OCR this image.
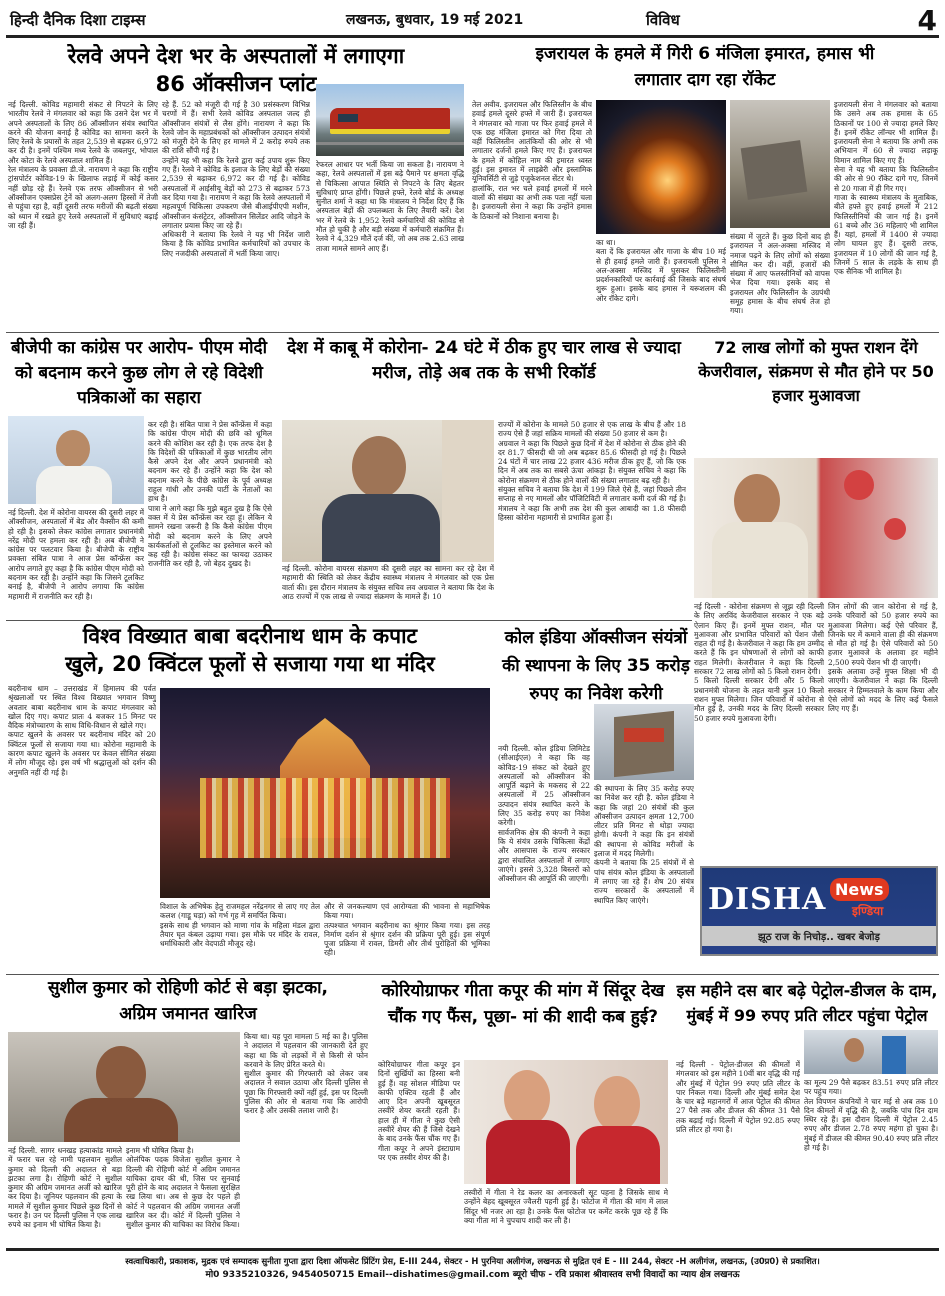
हिन्दी दैनिक दिशा टाइम्स	लखनऊ, बुधवार, 19 मई 2021	विविध	4
रेलवे अपने देश भर के अस्पतालों में लगाएगा
86 ऑक्सीजन प्लांट
नई दिल्ली. कोविड महामारी संकट से निपटने के लिए भारतीय रेलवे ने मंगलवार को कहा कि उसने देश भर में अपने अस्पतालों के लिए 86 ऑक्सीजन संयंत्र स्थापित करने की योजना बनाई है कोविड का सामना करने के लिए रेलवे के प्रयासों के तहत 2,539 से बढ़कर 6,972 कर दी है। इनमें पश्चिम मध्य रेलवे के जबलपुर, भोपाल और कोटा के रेलवे अस्पताल शामिल हैं।
रेल मंत्रालय के प्रवक्ता डी.जे. नारायण ने कहा कि राष्ट्रीय ट्रांसपोर्टर कोविड-19 के खिलाफ लड़ाई में कोई कसर नहीं छोड़ रहे हैं। रेलवे एक तरफ ऑक्सीजन से भरी ऑक्सीजन एक्सप्रेस ट्रेनें को अलग-अलग हिस्सों में तेजी से पहुंचा रहा है, वहीं दूसरी तरफ मरीजों की बढ़ती संख्या को ध्यान में रखते हुए रेलवे अस्पतालों में सुविधाएं बढ़ाई जा रही हैं।
रहे हैं. 52 को मंजूरी दी गई है 30 प्रसंस्करण विभिन्न चरणों में हैं। सभी रेलवे कोविड अस्पताल जल्द ही ऑक्सीजन संयंत्रों से लैस होंगे। नारायण ने कहा कि रेलवे जोन के महाप्रबंधकों को ऑक्सीजन उत्पादन संयंत्रों को मंजूरी देने के लिए हर मामले में 2 करोड़ रुपये तक की राशि सौंपी गई है।
उन्होंने यह भी कहा कि रेलवे द्वारा कई उपाय शुरू किए गए हैं। रेलवे ने कोविड के इलाज के लिए बेड़ों की संख्या 2,539 से बढ़ाकर 6,972 कर दी गई है। कोविड अस्पतालों में आईसीयू बेड़ों को 273 से बढ़ाकर 573 कर दिया गया है। नारायण ने कहा कि रेलवे अस्पतालों में महत्वपूर्ण चिकित्सा उपकरण जैसे बीआईपीएपी मशीन, ऑक्सीजन कंसंट्रेटर, ऑक्सीजन सिलेंडर आदि जोड़ने के लगातार प्रयास किए जा रहे हैं।
अधिकारी ने बताया कि रेलवे ने यह भी निर्देश जारी किया है कि कोविड प्रभावित कर्मचारियों को उपचार के लिए नजदीकी अस्पतालों में भर्ती किया जाए।
रेफरल आधार पर भर्ती किया जा सकता है। नारायण ने कहा, रेलवे अस्पतालों में इस बढ़े पैमाने पर क्षमता वृद्धि से चिकित्सा आपात स्थिति से निपटने के लिए बेहतर सुविधाएं प्राप्त होंगी। पिछले हफ्ते, रेलवे बोर्ड के अध्यक्ष सुनीत शर्मा ने कहा था कि मंत्रालय ने निर्देश दिए हैं कि अस्पताल बेड़ों की उपलब्धता के लिए तैयारी करें। देश भर में रेलवे के 1,952 रेलवे कर्मचारियों की कोविड से मौत हो चुकी है और बड़ी संख्या में कर्मचारी संक्रमित हैं। रेलवे ने 4,329 मौतें दर्ज कीं, जो अब तक 2.63 लाख ताजा मामले सामने आए हैं।
इजरायल के हमले में गिरी 6 मंजिला इमारत, हमास भी
लगातार दाग रहा रॉकेट
तेल अवीव. इजरायल और फिलिस्तीन के बीच हवाई हमले दूसरे हफ्ते में जारी हैं। इजरायल ने मंगलवार को गाजा पर फिर हवाई हमले में एक छह मंजिला इमारत को गिरा दिया तो वहीं फिलिस्तीन आतंकियों की ओर से भी लगातार दर्जनों हमले किए गए हैं। इजरायल के हमले में कोहिल नाम की इमारत ध्वस्त हुई। इस इमारत में लाइब्रेरी और इस्लामिक यूनिवर्सिटी से जुड़े एजुकेशनल सेंटर थे।
हालांकि, रात भर चले हवाई हमलों में मरने वालों की संख्या का अभी तक पता नहीं चला है। इजरायली सेना ने कहा कि उन्होंने हमास के ठिकानों को निशाना बनाया है।
का था।
बता दें कि इजरायल और गाजा के बीच 10 मई से ही हवाई हमले जारी हैं। इजरायली पुलिस ने अल-अक्सा मस्जिद में घुसकर फिलिस्तीनी प्रदर्शनकारियों पर कार्रवाई की जिसके बाद संघर्ष शुरू हुआ। इसके बाद हमास ने यरूशलम की ओर रॉकेट दागे।
संख्या में जुटते हैं। कुछ दिनों बाद ही इजरायल ने अल-अक्सा मस्जिद में नमाज पढ़ने के लिए लोगों को संख्या सीमित कर दी। वहीं, हजारों की संख्या में आए फलस्तीनियों को वापस भेज दिया गया। इसके बाद से इजरायल और फिलिस्तीन के उग्रपंथी समूह हमास के बीच संघर्ष तेज हो गया।
इजरायली सेना ने मंगलवार को बताया कि उसने अब तक हमास के 65 ठिकानों पर 100 से ज्यादा हमले किए हैं। इनमें रॉकेट लॉन्चर भी शामिल हैं। इजरायली सेना ने बताया कि अभी तक अभियान में 60 से ज्यादा लड़ाकू विमान शामिल किए गए हैं।
सेना ने यह भी बताया कि फिलिस्तीन की ओर से 90 रॉकेट दागे गए, जिनमें से 20 गाजा में ही गिर गए।
गाजा के स्वास्थ्य मंत्रालय के मुताबिक, बीते हफ्ते हुए हवाई हमलों में 212 फिलिस्तीनियों की जान गई है। इनमें 61 बच्चे और 36 महिलाएं भी शामिल हैं। यहां, हमलों में 1400 से ज्यादा लोग घायल हुए हैं। दूसरी तरफ, इजरायल में 10 लोगों की जान गई है, जिनमें 5 साल के लड़के के साथ ही एक सैनिक भी शामिल है।
बीजेपी का कांग्रेस पर आरोप- पीएम मोदी को बदनाम करने कुछ लोग ले रहे विदेशी पत्रिकाओं का सहारा
नई दिल्ली. देश में कोरोना वायरस की दूसरी लहर में ऑक्सीजन, अस्पतालों में बेड और वैक्सीन की कमी हो रही है। इसको लेकर कांग्रेस लगातार प्रधानमंत्री नरेंद्र मोदी पर हमला कर रही है। अब बीजेपी ने कांग्रेस पर पलटवार किया है। बीजेपी के राष्ट्रीय प्रवक्ता संबित पात्रा ने आज प्रेस कॉन्फ्रेंस कर आरोप लगाते हुए कहा है कि कांग्रेस पीएम मोदी को बदनाम कर रही है। उन्होंने कहा कि जिसने टूलकिट बनाई है, बीजेपी ने आरोप लगाया कि कांग्रेस महामारी में राजनीति कर रही है।
कर रही है। संबित पात्रा ने प्रेस कॉन्फ्रेंस में कहा कि कांग्रेस पीएम मोदी की छवि को धूमिल करने की कोशिश कर रही है। एक तरफ देश है कि विदेशों की पत्रिकाओं में कुछ भारतीय लोग कैसे अपने देश और अपने प्रधानमंत्री को बदनाम कर रहे हैं। उन्होंने कहा कि देश को बदनाम करने के पीछे कांग्रेस के पूर्व अध्यक्ष राहुल गांधी और उनकी पार्टी के नेताओं का हाथ है।
पात्रा ने आगे कहा कि मुझे बहुत दुख है कि ऐसे वक्त में ये प्रेस कॉन्फ्रेंस कर रहा हूं। लेकिन ये सामने रखना जरूरी है कि कैसे कांग्रेस पीएम मोदी को बदनाम करने के लिए अपने कार्यकर्ताओं से टूलकिट का इस्तेमाल करने को कह रही है। कांग्रेस संकट का फायदा उठाकर राजनीति कर रही है, जो बेहद दुखद है।
देश में काबू में कोरोना- 24 घंटे में ठीक हुए चार लाख से ज्यादा मरीज, तोड़े अब तक के सभी रिकॉर्ड
नई दिल्ली. कोरोना वायरस संक्रमण की दूसरी लहर का सामना कर रहे देश में महामारी की स्थिति को लेकर केंद्रीय स्वास्थ्य मंत्रालय ने मंगलवार को एक प्रेस वार्ता की। इस दौरान मंत्रालय के संयुक्त सचिव लव अग्रवाल ने बताया कि देश के आठ राज्यों में एक लाख से ज्यादा संक्रमण के मामले हैं। 10
राज्यों में कोरोना के मामले 50 हजार से एक लाख के बीच हैं और 18 राज्य ऐसे हैं जहां सक्रिय मामलों की संख्या 50 हजार से कम है।
अग्रवाल ने कहा कि पिछले कुछ दिनों में देश में कोरोना से ठीक होने की दर 81.7 फीसदी थी जो अब बढ़कर 85.6 फीसदी हो गई है। पिछले 24 घंटों में चार लाख 22 हजार 436 मरीज ठीक हुए हैं, जो कि एक दिन में अब तक का सबसे ऊंचा आंकड़ा है। संयुक्त सचिव ने कहा कि कोरोना संक्रमण से ठीक होने वालों की संख्या लगातार बढ़ रही है।
संयुक्त सचिव ने बताया कि देश में 199 जिले ऐसे हैं, जहां पिछले तीन सप्ताह से नए मामलों और पॉजिटिविटी में लगातार कमी दर्ज की गई है। मंत्रालय ने कहा कि अभी तक देश की कुल आबादी का 1.8 फीसदी हिस्सा कोरोना महामारी से प्रभावित हुआ है।
72 लाख लोगों को मुफ्त राशन देंगे केजरीवाल, संक्रमण से मौत होने पर 50 हजार मुआवजा
नई दिल्ली - कोरोना संक्रमण से जूझ रही दिल्ली के लिए अरविंद केजरीवाल सरकार ने एक बड़े ऐलान किए हैं। इनमें मुफ्त राशन, मौत पर मुआवजा और प्रभावित परिवारों को पेंशन जैसी राहत दी गई है। केजरीवाल ने कहा कि हम उम्मीद करते हैं कि इन घोषणाओं से लोगों को काफी राहत मिलेगी। केजरीवाल ने कहा कि दिल्ली सरकार 72 लाख लोगों को 5 किलो राशन देगी।
5 किलो दिल्ली सरकार देगी और 5 किलो प्रधानमंत्री योजना के तहत यानी कुल 10 किलो राशन मुफ्त मिलेगा। जिन परिवारों में कोरोना से मौत हुई है, उनकी मदद के लिए दिल्ली सरकार 50 हजार रुपये मुआवजा देगी।
जिन लोगों की जान कोरोना से गई है, उनके परिवारों को 50 हजार रुपये का मुआवजा मिलेगा। कई ऐसे परिवार हैं, जिनके घर में कमाने वाला ही की संक्रमण से मौत हो गई है। ऐसे परिवारों को 50 हजार मुआवजे के अलावा हर महीने 2,500 रुपये पेंशन भी दी जाएगी।
इसके अलावा उन्हें मुफ्त शिक्षा भी दी जाएगी। केजरीवाल ने कहा कि दिल्ली सरकार ने हिम्मतवाले के काम किया और ऐसे लोगों को मदद के लिए कई फैसले लिए गए हैं।
विश्व विख्यात बाबा बदरीनाथ धाम के कपाट
खुले, 20 क्विंटल फूलों से सजाया गया था मंदिर
बदरीनाथ धाम – उत्तराखंड में हिमालय की पर्वत श्रृंखलाओं पर स्थित विश्व विख्यात भगवान विष्णु अवतार बाबा बदरीनाथ धाम के कपाट मंगलवार को खोल दिए गए। कपाट प्रातः 4 बजकर 15 मिनट पर वैदिक मंत्रोच्चारण के साथ विधि-विधान से खोले गए।
कपाट खुलने के अवसर पर बदरीनाथ मंदिर को 20 क्विंटल फूलों से सजाया गया था। कोरोना महामारी के कारण कपाट खुलने के अवसर पर केवल सीमित संख्या में लोग मौजूद रहे। इस वर्ष भी श्रद्धालुओं को दर्शन की अनुमति नहीं दी गई है।
विशाल के अभिषेक हेतु राजमहल नरेंद्रनगर से लाए गए तेल कलश (गाडू घड़ा) को गर्भ गृह में समर्पित किया।
इसके साथ ही भगवान को माणा गांव के महिला मंडल द्वारा तैयार घृत कंबल उढ़ाया गया। इस मौके पर मंदिर के रावल, धर्माधिकारी और वेदपाठी मौजूद रहे।
और से जनकल्याण एवं आरोग्यता की भावना से महाभिषेक किया गया।
तत्पश्चात भगवान बदरीनाथ का श्रृंगार किया गया। इस तरह निर्माण दर्शन से श्रृंगार दर्शन की प्रक्रिया पूरी हुई। इस संपूर्ण पूजा प्रक्रिया में रावल, डिमरी और तीर्थ पुरोहितों की भूमिका रही।
कोल इंडिया ऑक्सीजन संयंत्रों की स्थापना के लिए 35 करोड़ रुपए का निवेश करेगी
नयी दिल्ली. कोल इंडिया लिमिटेड (सीआईएल) ने कहा कि वह कोविड-19 संकट को देखते हुए अस्पतालों को ऑक्सीजन की आपूर्ति बढ़ाने के मकसद से 22 अस्पतालों में 25 ऑक्सीजन उत्पादन संयंत्र स्थापित करने के लिए 35 करोड़ रुपए का निवेश करेगी।
सार्वजनिक क्षेत्र की कंपनी ने कहा कि ये संयंत्र उसके चिकित्सा केंद्रों और आसपास के राज्य सरकार द्वारा संचालित अस्पतालों में लगाए जाएंगे। इससे 3,328 बिस्तरों को ऑक्सीजन की आपूर्ति की जाएगी।
की स्थापना के लिए 35 करोड़ रुपए का निवेश कर रही है. कोल इंडिया ने कहा कि जहां 20 संयंत्रों की कुल ऑक्सीजन उत्पादन क्षमता 12,700 लीटर प्रति मिनट से थोड़ा ज्यादा होगी। कंपनी ने कहा कि इन संयंत्रों की स्थापना से कोविड मरीजों के इलाज में मदद मिलेगी।
कंपनी ने बताया कि 25 संयंत्रों में से पांच संयंत्र कोल इंडिया के अस्पतालों में लगाए जा रहे हैं। शेष 20 संयंत्र राज्य सरकारों के अस्पतालों में स्थापित किए जाएंगे।	DISHA News
इण्डिया
झूठ राज के निचोड़.. खबर बेजोड़
सुशील कुमार को रोहिणी कोर्ट से बड़ा झटका,
अग्रिम जमानत खारिज
नई दिल्ली. सागर धनखड़ हत्याकांड मामले में फरार चल रहे नामी पहलवान सुशील कुमार को दिल्ली की अदालत से बड़ा झटका लगा है। रोहिणी कोर्ट ने सुशील कुमार की अग्रिम जमानत अर्जी को खारिज कर दिया है। जूनियर पहलवान की हत्या के मामले में सुशील कुमार पिछले कुछ दिनों से फरार है। उन पर दिल्ली पुलिस ने एक लाख रुपये का इनाम भी घोषित किया है।
इनाम भी घोषित किया है।
ओलंपिक पदक विजेता सुशील कुमार ने दिल्ली की रोहिणी कोर्ट में अग्रिम जमानत याचिका दायर की थी, जिस पर सुनवाई पूरी होने के बाद अदालत ने फैसला सुरक्षित रख लिया था। अब से कुछ देर पहले ही कोर्ट ने पहलवान की अग्रिम जमानत अर्जी खारिज कर दी। कोर्ट में दिल्ली पुलिस ने सुशील कुमार की याचिका का विरोध किया।
किया था। यह पूरा मामला 5 मई का है। पुलिस ने अदालत में पहलवान की जानकारी देते हुए कहा था कि वो लड़कों में से किसी से फोन करवाने के लिए प्रेरित करते थे।
सुशील कुमार की गिरफ्तारी को लेकर जब अदालत ने सवाल उठाया और दिल्ली पुलिस से पूछा कि गिरफ्तारी क्यों नहीं हुई, इस पर दिल्ली पुलिस की ओर से बताया गया कि आरोपी फरार है और उसकी तलाश जारी है।
कोरियोग्राफर गीता कपूर की मांग में सिंदूर देख चौंक गए फैंस, पूछा- मां की शादी कब हुई?
कोरियोग्राफर गीता कपूर इन दिनों सुर्खियों का हिस्सा बनी हुई हैं। वह सोशल मीडिया पर काफी एक्टिव रहती हैं और आए दिन अपनी खूबसूरत तस्वीरें शेयर करती रहती हैं। हाल ही में गीता ने कुछ ऐसी तस्वीरें शेयर की हैं जिसे देखने के बाद उनके फैंस चौंक गए हैं। गीता कपूर ने अपने इंस्टाग्राम पर एक तस्वीर शेयर की है।
तस्वीरों में गीता ने रेड कलर का अनारकली सूट पहना है जिसके साथ मे उन्होंने बेहद खूबसूरत ज्वैलरी पहनी हुई है। फोटोज में गीता की मांग में लाल सिंदूर भी नजर आ रहा है। उनके फैंस फोटोज पर कमेंट करके पूछ रहे हैं कि क्या गीता मां ने चुपचाप शादी कर ली है।
इस महीने दस बार बढ़े पेट्रोल-डीजल के दाम, मुंबई में 99 रुपए प्रति लीटर पहुंचा पेट्रोल
नई दिल्ली - पेट्रोल-डीजल की कीमतों में मंगलवार को इस महीने 10वीं बार वृद्धि की गई और मुंबई में पेट्रोल 99 रुपए प्रति लीटर के पार निकल गया। दिल्ली और मुंबई समेत देश के चार बड़े महानगरों में आज पेट्रोल की कीमत 27 पैसे तक और डीजल की कीमत 31 पैसे तक बढ़ाई गई। दिल्ली में पेट्रोल 92.85 रुपए प्रति लीटर हो गया है।
का मूल्य 29 पैसे बढ़कर 83.51 रुपए प्रति लीटर पर पहुंच गया।
तेल विपणन कंपनियों ने चार मई से अब तक 10 दिन कीमतों में वृद्धि की है, जबकि पांच दिन दाम स्थिर रहे हैं। इस दौरान दिल्ली में पेट्रोल 2.45 रुपए और डीजल 2.78 रुपए महंगा हो चुका है। मुंबई में डीजल की कीमत 90.40 रुपए प्रति लीटर हो गई है।
स्वत्वाधिकारी, प्रकाशक, मुद्रक एवं सम्पादक सुनीता गुप्ता द्वारा दिशा ऑफसेट प्रिंटिंग प्रेस, E-III 244, सेक्टर - H पुरनिया अलीगंज, लखनऊ से मुद्रित एवं E - III 244, सेक्टर -H अलीगंज, लखनऊ, (उ0प्र0) से प्रकाशित।
मो0 9335210326, 9454050715 Email--dishatimes@gmail.com ब्यूरो चीफ - रवि प्रकाश श्रीवास्तव सभी विवादों का न्याय क्षेत्र लखनऊ
